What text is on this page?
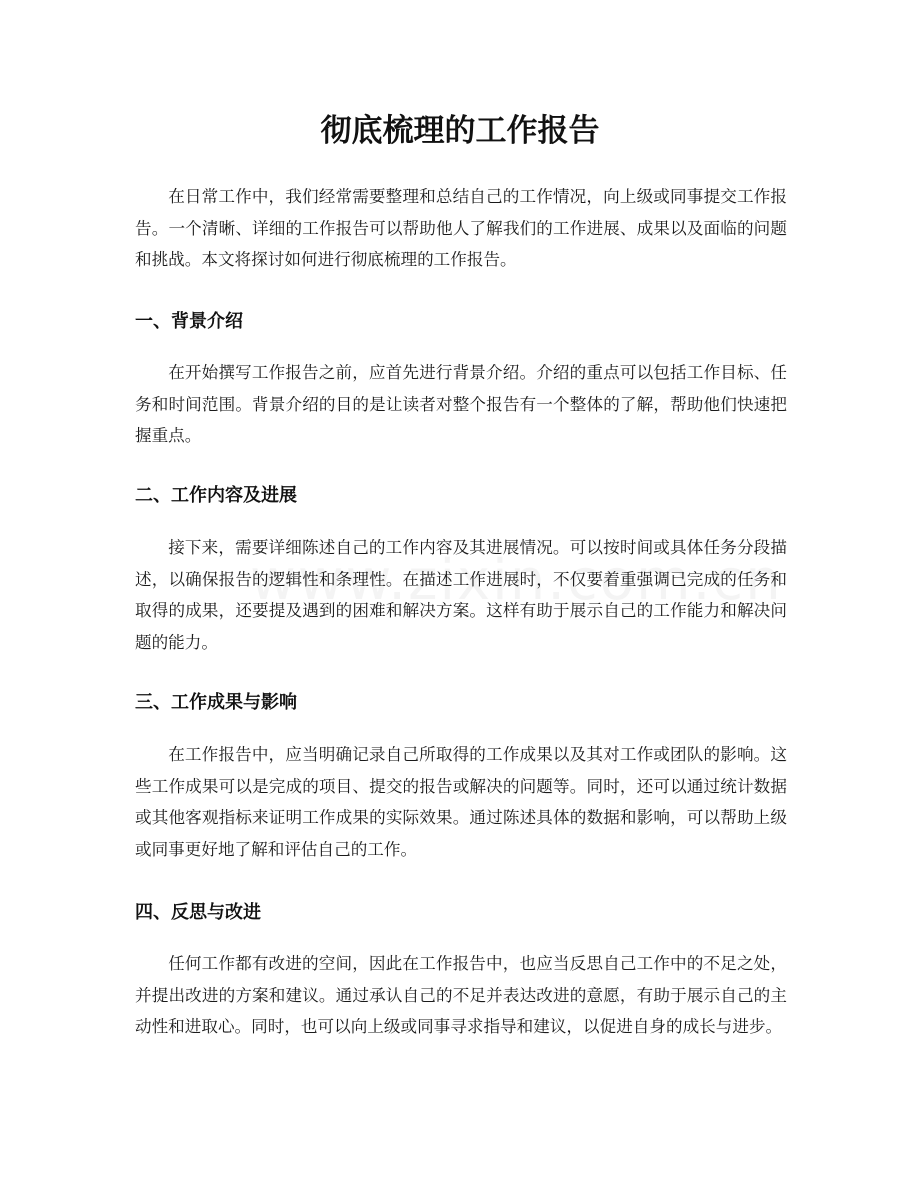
彻底梳理的工作报告

在日常工作中，我们经常需要整理和总结自己的工作情况，向上级或同事提交工作报告。一个清晰、详细的工作报告可以帮助他人了解我们的工作进展、成果以及面临的问题和挑战。本文将探讨如何进行彻底梳理的工作报告。

一、背景介绍

在开始撰写工作报告之前，应首先进行背景介绍。介绍的重点可以包括工作目标、任务和时间范围。背景介绍的目的是让读者对整个报告有一个整体的了解，帮助他们快速把握重点。

二、工作内容及进展

接下来，需要详细陈述自己的工作内容及其进展情况。可以按时间或具体任务分段描述，以确保报告的逻辑性和条理性。在描述工作进展时，不仅要着重强调已完成的任务和取得的成果，还要提及遇到的困难和解决方案。这样有助于展示自己的工作能力和解决问题的能力。

三、工作成果与影响

在工作报告中，应当明确记录自己所取得的工作成果以及其对工作或团队的影响。这些工作成果可以是完成的项目、提交的报告或解决的问题等。同时，还可以通过统计数据或其他客观指标来证明工作成果的实际效果。通过陈述具体的数据和影响，可以帮助上级或同事更好地了解和评估自己的工作。

四、反思与改进

任何工作都有改进的空间，因此在工作报告中，也应当反思自己工作中的不足之处，并提出改进的方案和建议。通过承认自己的不足并表达改进的意愿，有助于展示自己的主动性和进取心。同时，也可以向上级或同事寻求指导和建议，以促进自身的成长与进步。
